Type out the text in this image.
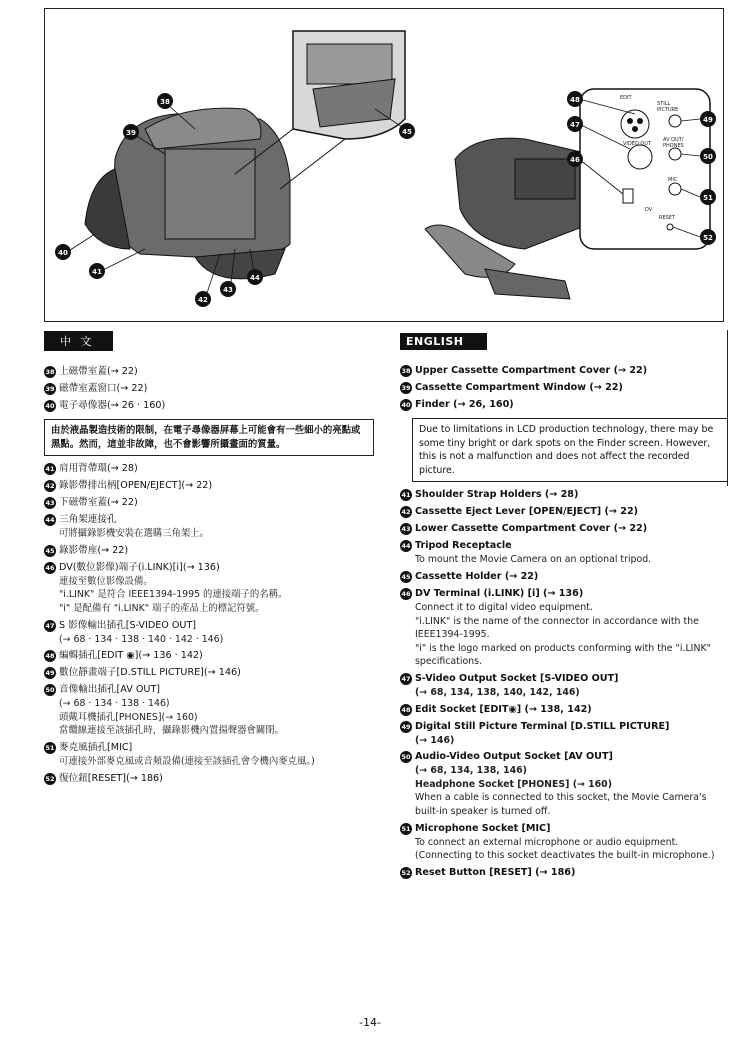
38
39
40
41
42
43
44
45
48
47
46
49
50
51
52
EDIT
STILL PICTURE
VIDEO OUT
AV OUT/ PHONES
MIC
DV
RESET
中 文
38 上磁帶室蓋(→ 22)
39 磁帶室蓋窗口(→ 22)
40 電子尋像器(→ 26 ‧ 160)
由於液晶製造技術的限制，在電子尋像器屏幕上可能會有一些細小的亮點或黑點。然而，這並非故障，也不會影響所攝畫面的質量。
41 肩用背帶環(→ 28)
42 錄影帶排出柄[OPEN/EJECT](→ 22)
43 下磁帶室蓋(→ 22)
44 三角架連接孔
可將攝錄影機安裝在選購三角架上。
45 錄影帶座(→ 22)
46 DV(數位影像)端子(i.LINK)[i](→ 136)
連接至數位影像設備。
"i.LINK" 是符合 IEEE1394-1995 的連接端子的名稱。
"i" 是配備有 "i.LINK" 端子的產品上的標記符號。
47 S 影像輸出插孔[S-VIDEO OUT]
(→ 68 ‧ 134 ‧ 138 ‧ 140 ‧ 142 ‧ 146)
48 編輯插孔[EDIT ◉](→ 136 ‧ 142)
49 數位靜畫端子[D.STILL PICTURE](→ 146)
50 音像輸出插孔[AV OUT]
(→ 68 ‧ 134 ‧ 138 ‧ 146)
頭戴耳機插孔[PHONES](→ 160)
當纜線連接至該插孔時，攝錄影機內置揚聲器會關閉。
51 麥克風插孔[MIC]
可連接外部麥克風或音頻設備(連接至該插孔會令機內麥克風。)
52 復位鈕[RESET](→ 186)
ENGLISH
38 Upper Cassette Compartment Cover (→ 22)
39 Cassette Compartment Window (→ 22)
40 Finder (→ 26, 160)
Due to limitations in LCD production technology, there may be some tiny bright or dark spots on the Finder screen. However, this is not a malfunction and does not affect the recorded picture.
41 Shoulder Strap Holders (→ 28)
42 Cassette Eject Lever [OPEN/EJECT] (→ 22)
43 Lower Cassette Compartment Cover (→ 22)
44 Tripod Receptacle
To mount the Movie Camera on an optional tripod.
45 Cassette Holder (→ 22)
46 DV Terminal (i.LINK) [i] (→ 136)
Connect it to digital video equipment.
"i.LINK" is the name of the connector in accordance with the IEEE1394-1995.
"i" is the logo marked on products conforming with the "i.LINK" specifications.
47 S-Video Output Socket [S-VIDEO OUT]
(→ 68, 134, 138, 140, 142, 146)
48 Edit Socket [EDIT◉] (→ 138, 142)
49 Digital Still Picture Terminal [D.STILL PICTURE]
(→ 146)
50 Audio-Video Output Socket [AV OUT]
(→ 68, 134, 138, 146)
Headphone Socket [PHONES] (→ 160)
When a cable is connected to this socket, the Movie Camera's built-in speaker is turned off.
51 Microphone Socket [MIC]
To connect an external microphone or audio equipment.
(Connecting to this socket deactivates the built-in microphone.)
52 Reset Button [RESET] (→ 186)
-14-
